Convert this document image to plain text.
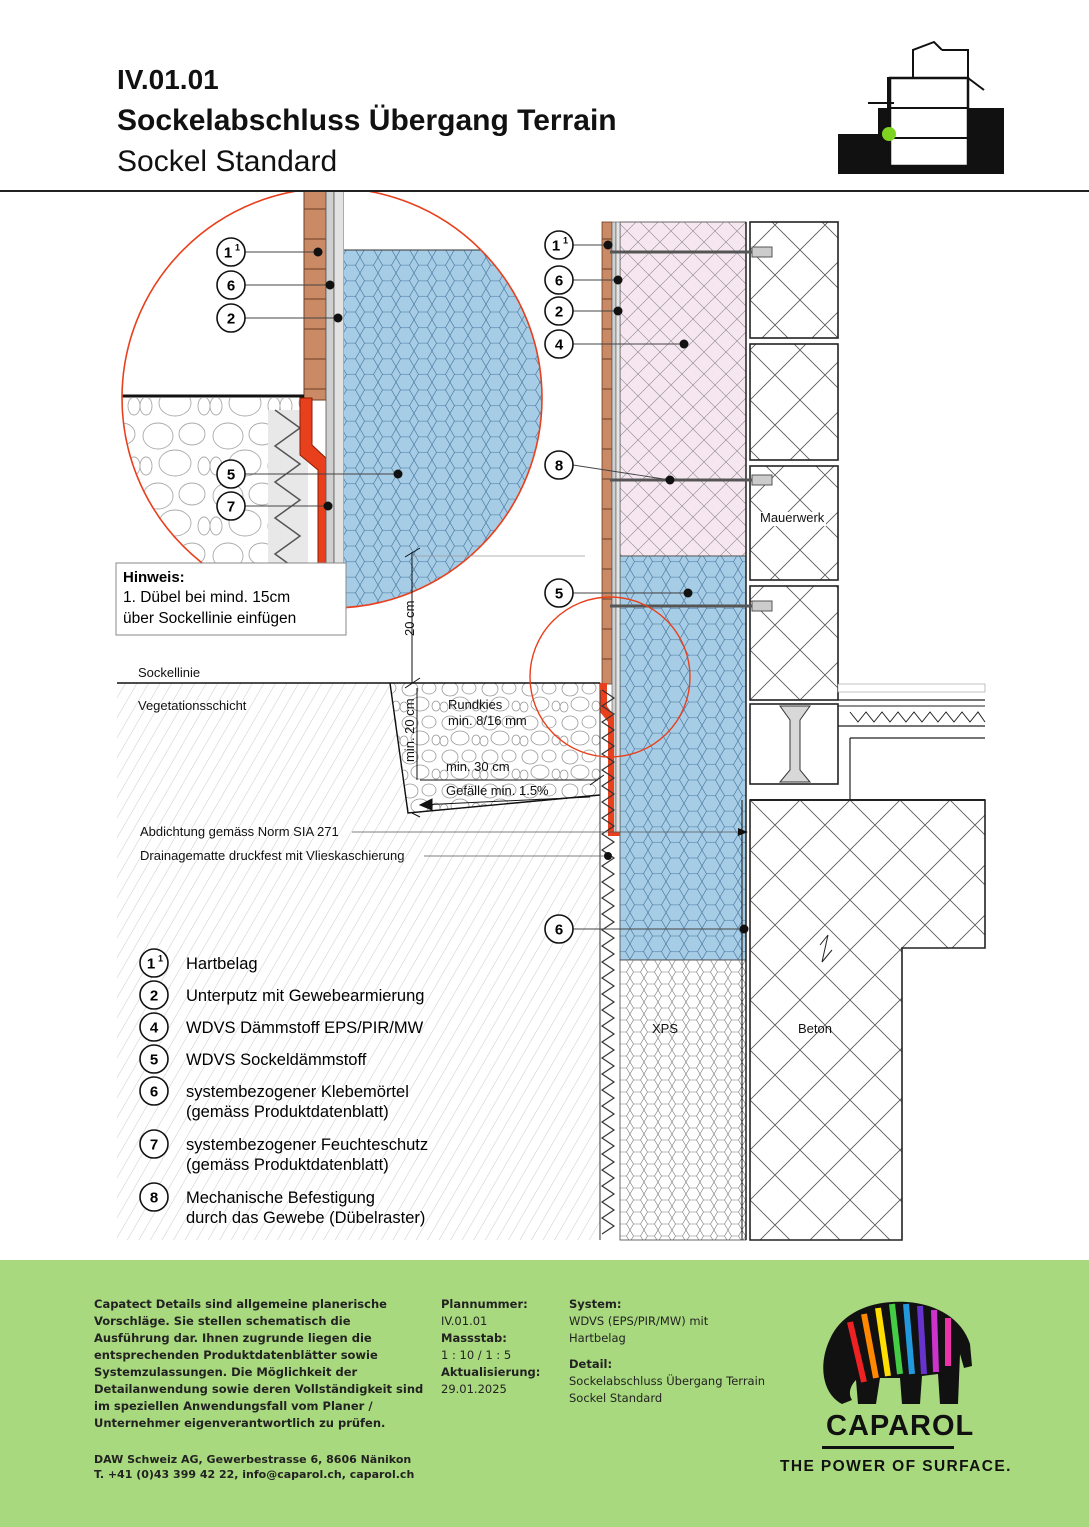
IV.01.01
Sockelabschluss Übergang Terrain
Sockel Standard
1 1
6
2
5
7
Hinweis:
1. Dübel bei mind. 15cm
über Sockellinie einfügen
1 1
6
2
4
8
5
6
Sockellinie
Vegetationsschicht	Rundkies
min. 8/16 mm
20 cm
min. 20 cm
min. 30 cm
Gefälle min. 1.5%
Abdichtung gemäss Norm SIA 271
Drainagematte druckfest mit Vlieskaschierung
Mauerwerk
XPS	Beton
1 1 Hartbelag
2 Unterputz mit Gewebearmierung
4 WDVS Dämmstoff EPS/PIR/MW
5 WDVS Sockeldämmstoff
6 systembezogener Klebemörtel
(gemäss Produktdatenblatt)
7 systembezogener Feuchteschutz
(gemäss Produktdatenblatt)
8 Mechanische Befestigung
durch das Gewebe (Dübelraster)
Capatect Details sind allgemeine planerische Vorschläge. Sie stellen schematisch die Ausführung dar. Ihnen zugrunde liegen die entsprechenden Produktdatenblätter sowie Systemzulassungen. Die Möglichkeit der Detailanwendung sowie deren Vollständigkeit sind im speziellen Anwendungsfall vom Planer / Unternehmer eigenverantwortlich zu prüfen.
DAW Schweiz AG, Gewerbestrasse 6, 8606 Nänikon
T. +41 (0)43 399 42 22, info@caparol.ch, caparol.ch
Plannummer:
IV.01.01
Massstab:
1 : 10 / 1 : 5
Aktualisierung:
29.01.2025
System:
WDVS (EPS/PIR/MW) mit
Hartbelag
Detail:
Sockelabschluss Übergang Terrain
Sockel Standard
CAPAROL
THE POWER OF SURFACE.
